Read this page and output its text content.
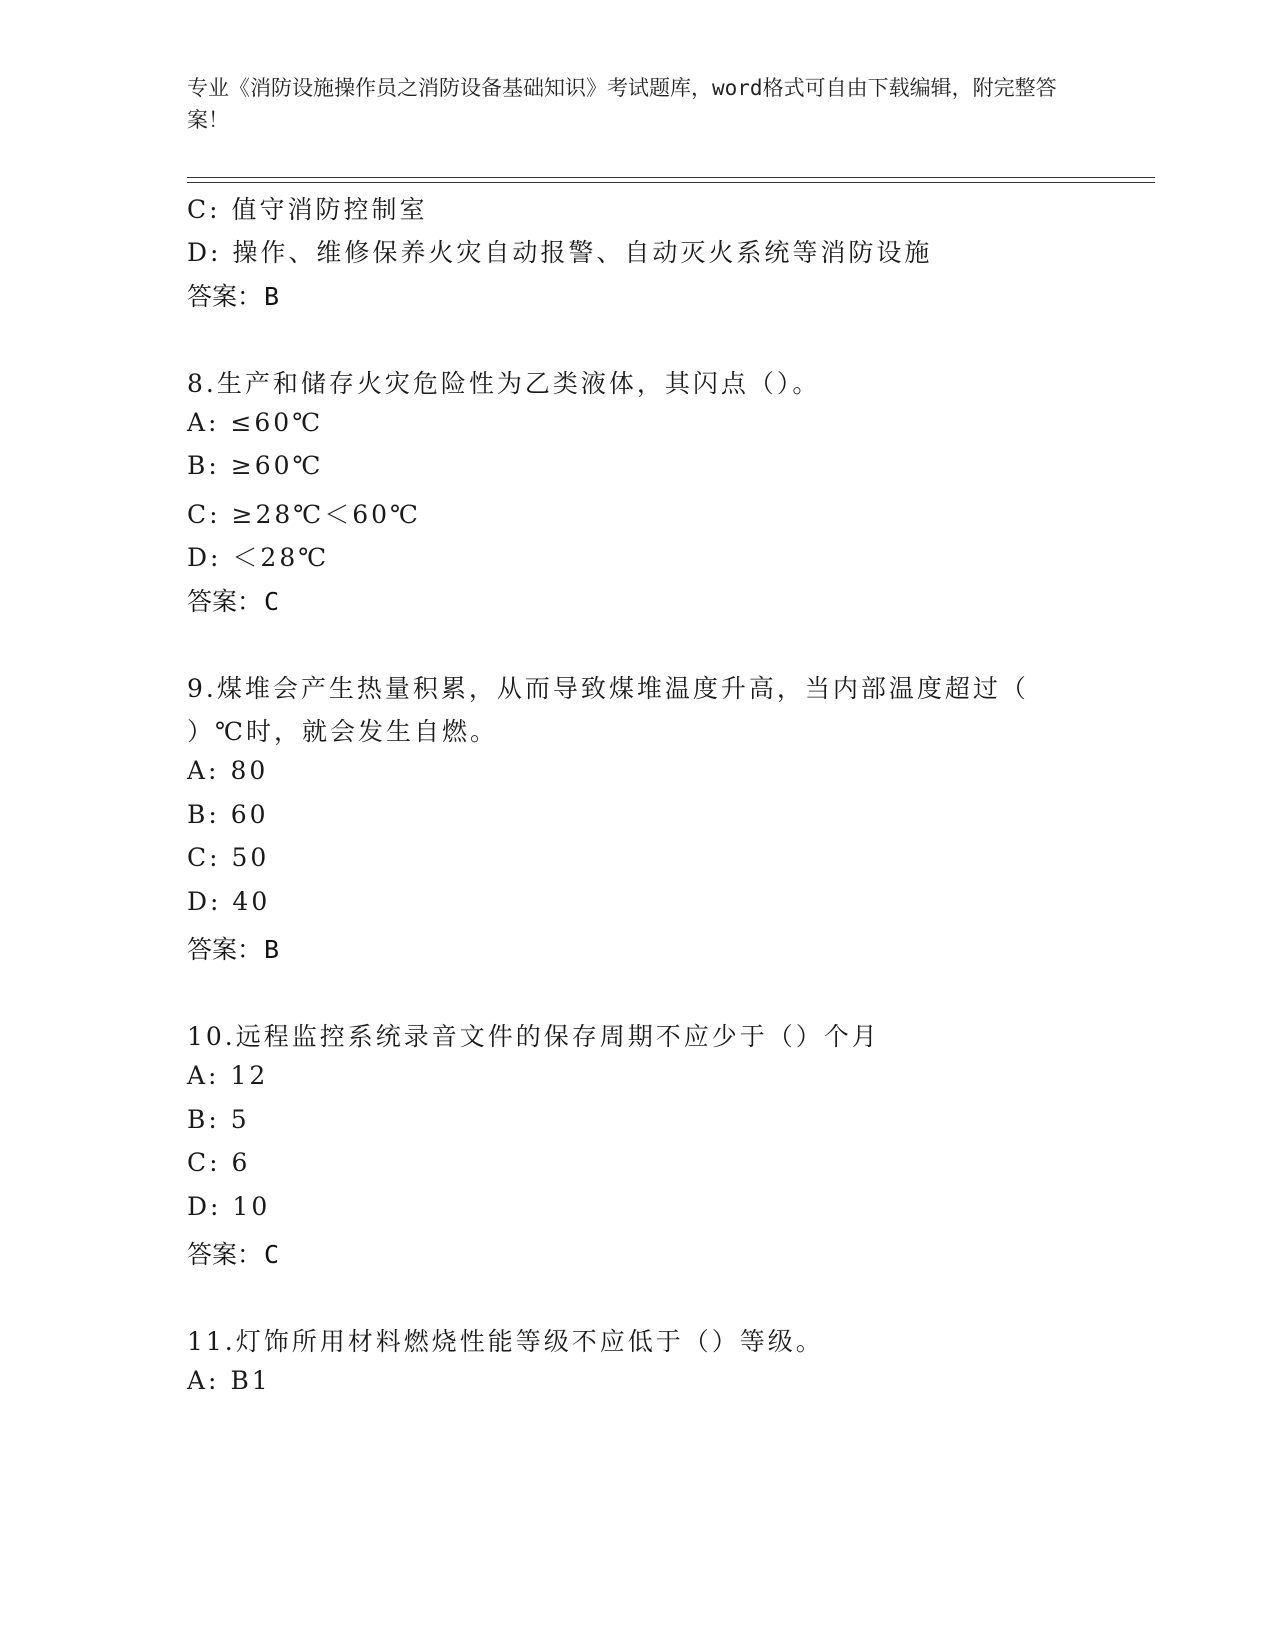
专业《消防设施操作员之消防设备基础知识》考试题库，word格式可自由下载编辑，附完整答案！
C: 值守消防控制室
D: 操作、维修保养火灾自动报警、自动灭火系统等消防设施
答案：B
8.生产和储存火灾危险性为乙类液体，其闪点（）。
A: ≤60℃
B: ≥60℃
C: ≥28℃＜60℃
D: ＜28℃
答案：C
9.煤堆会产生热量积累，从而导致煤堆温度升高，当内部温度超过（
）℃时，就会发生自燃。
A: 80
B: 60
C: 50
D: 40
答案：B
10.远程监控系统录音文件的保存周期不应少于（）个月
A: 12
B: 5
C: 6
D: 10
答案：C
11.灯饰所用材料燃烧性能等级不应低于（）等级。
A: B1
